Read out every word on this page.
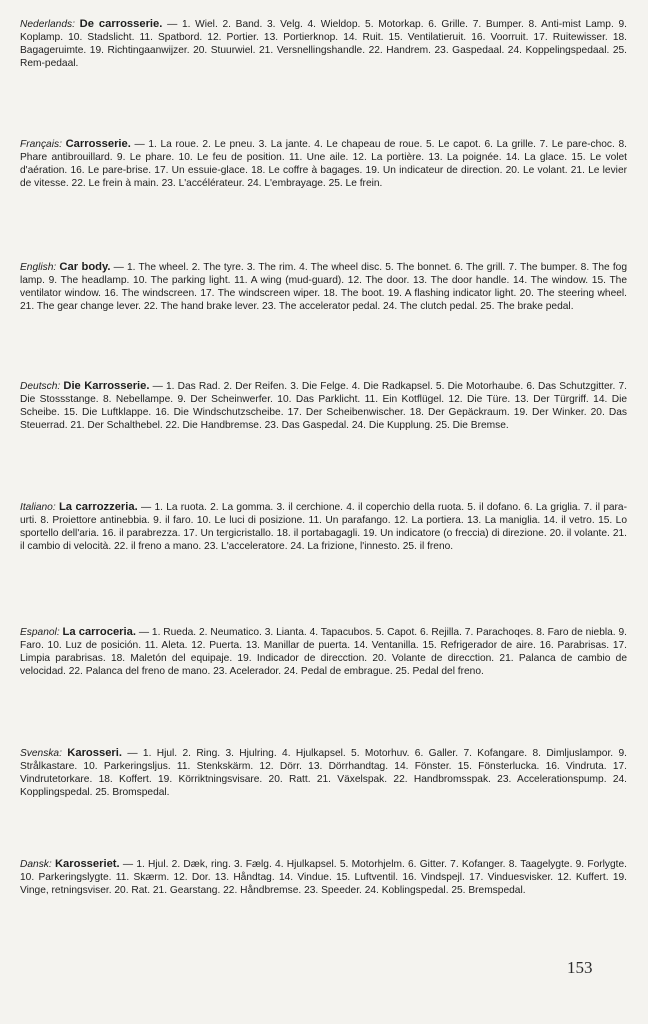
Nederlands: De carrosserie. — 1. Wiel. 2. Band. 3. Velg. 4. Wieldop. 5. Motorkap. 6. Grille. 7. Bumper. 8. Anti-mist Lamp. 9. Koplamp. 10. Stadslicht. 11. Spatbord. 12. Portier. 13. Portierknop. 14. Ruit. 15. Ventilatieruit. 16. Voorruit. 17. Ruitewisser. 18. Bagageruimte. 19. Richtingaanwijzer. 20. Stuurwiel. 21. Versnellingshandle. 22. Handrem. 23. Gaspedaal. 24. Koppelingspedaal. 25. Rem-pedaal.

Français: Carrosserie. — 1. La roue. 2. Le pneu. 3. La jante. 4. Le chapeau de roue. 5. Le capot. 6. La grille. 7. Le pare-choc. 8. Phare antibrouillard. 9. Le phare. 10. Le feu de position. 11. Une aile. 12. La portière. 13. La poignée. 14. La glace. 15. Le volet d'aération. 16. Le pare-brise. 17. Un essuie-glace. 18. Le coffre à bagages. 19. Un indicateur de direction. 20. Le volant. 21. Le levier de vitesse. 22. Le frein à main. 23. L'accélérateur. 24. L'embrayage. 25. Le frein.

English: Car body. — 1. The wheel. 2. The tyre. 3. The rim. 4. The wheel disc. 5. The bonnet. 6. The grill. 7. The bumper. 8. The fog lamp. 9. The headlamp. 10. The parking light. 11. A wing (mud-guard). 12. The door. 13. The door handle. 14. The window. 15. The ventilator window. 16. The windscreen. 17. The windscreen wiper. 18. The boot. 19. A flashing indicator light. 20. The steering wheel. 21. The gear change lever. 22. The hand brake lever. 23. The accelerator pedal. 24. The clutch pedal. 25. The brake pedal.

Deutsch: Die Karrosserie. — 1. Das Rad. 2. Der Reifen. 3. Die Felge. 4. Die Radkapsel. 5. Die Motorhaube. 6. Das Schutzgitter. 7. Die Stossstange. 8. Nebellampe. 9. Der Scheinwerfer. 10. Das Parklicht. 11. Ein Kotflügel. 12. Die Türe. 13. Der Türgriff. 14. Die Scheibe. 15. Die Luftklappe. 16. Die Windschutzscheibe. 17. Der Scheibenwischer. 18. Der Gepäckraum. 19. Der Winker. 20. Das Steuerrad. 21. Der Schalthebel. 22. Die Handbremse. 23. Das Gaspedal. 24. Die Kupplung. 25. Die Bremse.

Italiano: La carrozzeria. — 1. La ruota. 2. La gomma. 3. il cerchione. 4. il coperchio della ruota. 5. il dofano. 6. La griglia. 7. il para-urti. 8. Proiettore antinebbia. 9. il faro. 10. Le luci di posizione. 11. Un parafango. 12. La portiera. 13. La maniglia. 14. il vetro. 15. Lo sportello dell'aria. 16. il parabrezza. 17. Un tergicristallo. 18. il portabagagli. 19. Un indicatore (o freccia) di direzione. 20. il volante. 21. il cambio di velocità. 22. il freno a mano. 23. L'acceleratore. 24. La frizione, l'innesto. 25. il freno.

Espanol: La carroceria. — 1. Rueda. 2. Neumatico. 3. Lianta. 4. Tapacubos. 5. Capot. 6. Rejilla. 7. Parachoqes. 8. Faro de niebla. 9. Faro. 10. Luz de posición. 11. Aleta. 12. Puerta. 13. Manillar de puerta. 14. Ventanilla. 15. Refrigerador de aire. 16. Parabrisas. 17. Limpia parabrisas. 18. Maletón del equipaje. 19. Indicador de direcction. 20. Volante de direcction. 21. Palanca de cambio de velocidad. 22. Palanca del freno de mano. 23. Acelerador. 24. Pedal de embrague. 25. Pedal del freno.

Svenska: Karosseri. — 1. Hjul. 2. Ring. 3. Hjulring. 4. Hjulkapsel. 5. Motorhuv. 6. Galler. 7. Kofangare. 8. Dimljuslampor. 9. Strålkastare. 10. Parkeringsljus. 11. Stenkskärm. 12. Dörr. 13. Dörrhandtag. 14. Fönster. 15. Fönsterlucka. 16. Vindruta. 17. Vindrutetorkare. 18. Koffert. 19. Körriktningsvisare. 20. Ratt. 21. Växelspak. 22. Handbromsspak. 23. Accelerationspump. 24. Kopplingspedal. 25. Bromspedal.

Dansk: Karosseriet. — 1. Hjul. 2. Dæk, ring. 3. Fælg. 4. Hjulkapsel. 5. Motorhjelm. 6. Gitter. 7. Kofanger. 8. Taagelygte. 9. Forlygte. 10. Parkeringslygte. 11. Skærm. 12. Dor. 13. Håndtag. 14. Vindue. 15. Luftventil. 16. Vindspejl. 17. Vinduesvisker. 12. Kuffert. 19. Vinge, retningsviser. 20. Rat. 21. Gearstang. 22. Håndbremse. 23. Speeder. 24. Koblingspedal. 25. Bremspedal.

153
